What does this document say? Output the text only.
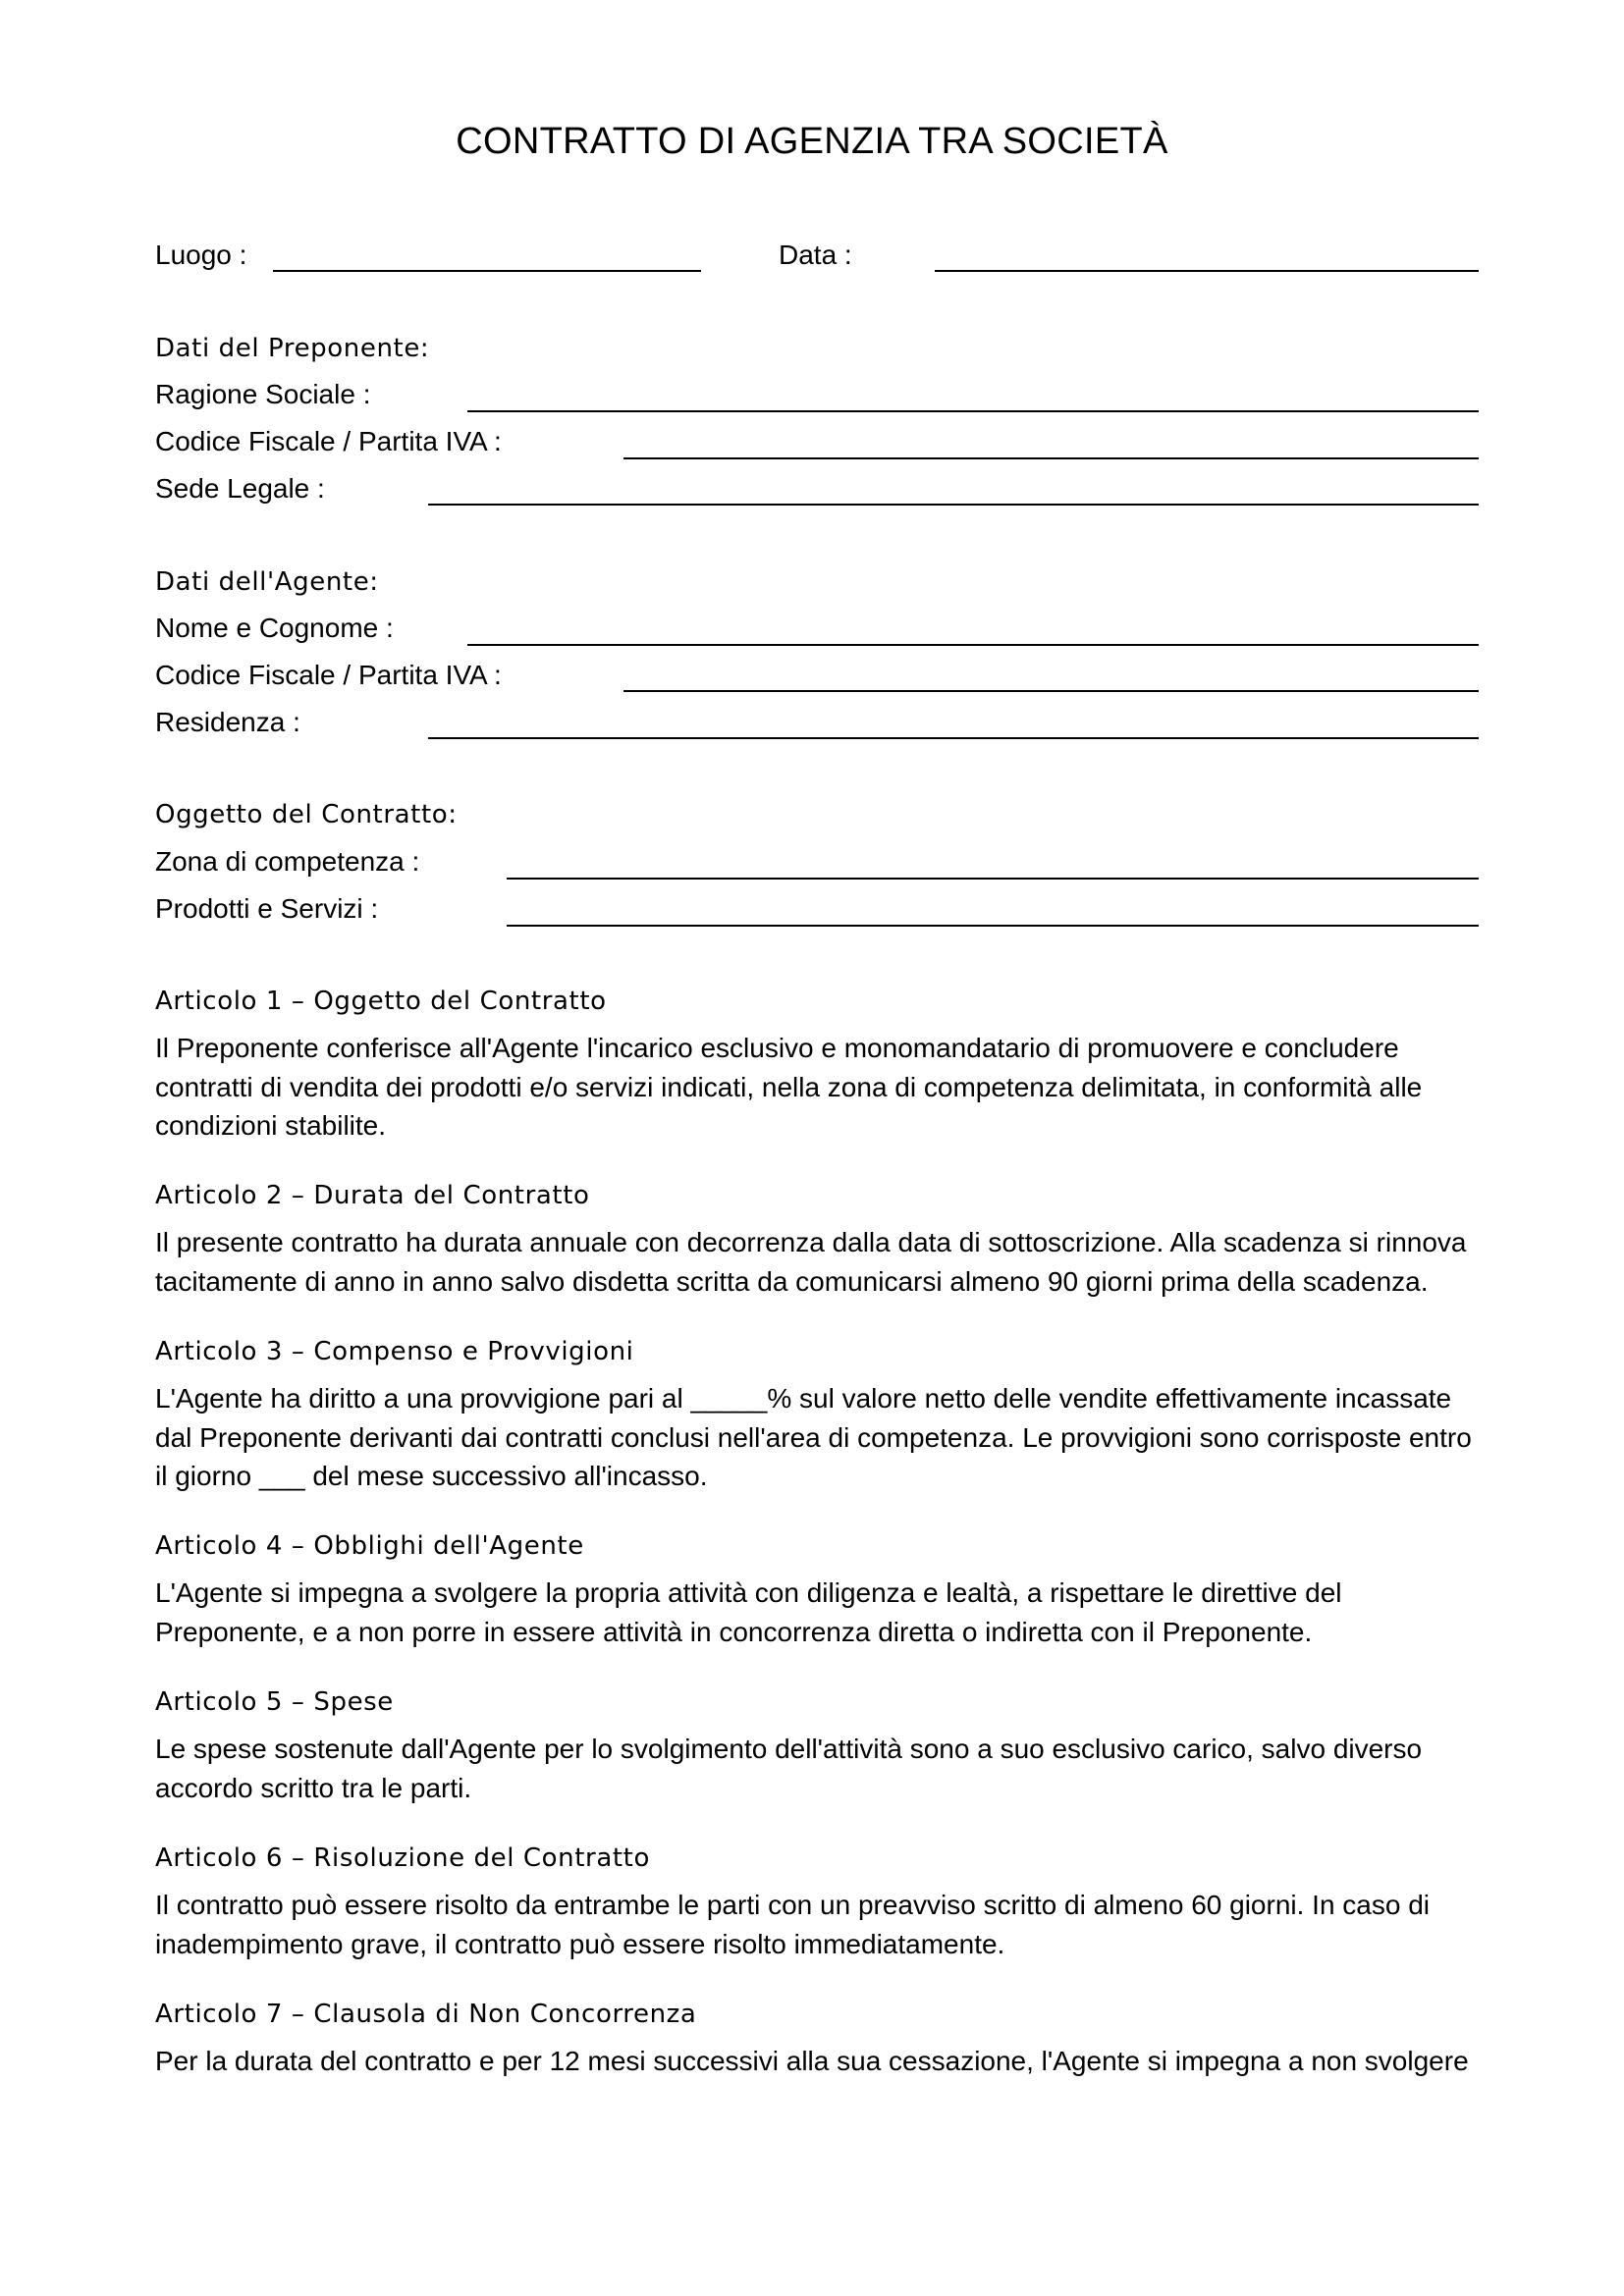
CONTRATTO DI AGENZIA TRA SOCIETÀ
Luogo :	Data :
Dati del Preponente:
Ragione Sociale :
Codice Fiscale / Partita IVA :
Sede Legale :
Dati dell'Agente:
Nome e Cognome :
Codice Fiscale / Partita IVA :
Residenza :
Oggetto del Contratto:
Zona di competenza :
Prodotti e Servizi :
Articolo 1 – Oggetto del Contratto

Il Preponente conferisce all'Agente l'incarico esclusivo e monomandatario di promuovere e concludere contratti di vendita dei prodotti e/o servizi indicati, nella zona di competenza delimitata, in conformità alle condizioni stabilite.

Articolo 2 – Durata del Contratto

Il presente contratto ha durata annuale con decorrenza dalla data di sottoscrizione. Alla scadenza si rinnova tacitamente di anno in anno salvo disdetta scritta da comunicarsi almeno 90 giorni prima della scadenza.

Articolo 3 – Compenso e Provvigioni

L'Agente ha diritto a una provvigione pari al _____% sul valore netto delle vendite effettivamente incassate dal Preponente derivanti dai contratti conclusi nell'area di competenza. Le provvigioni sono corrisposte entro il giorno ___ del mese successivo all'incasso.

Articolo 4 – Obblighi dell'Agente

L'Agente si impegna a svolgere la propria attività con diligenza e lealtà, a rispettare le direttive del Preponente, e a non porre in essere attività in concorrenza diretta o indiretta con il Preponente.

Articolo 5 – Spese

Le spese sostenute dall'Agente per lo svolgimento dell'attività sono a suo esclusivo carico, salvo diverso accordo scritto tra le parti.

Articolo 6 – Risoluzione del Contratto

Il contratto può essere risolto da entrambe le parti con un preavviso scritto di almeno 60 giorni. In caso di inadempimento grave, il contratto può essere risolto immediatamente.

Articolo 7 – Clausola di Non Concorrenza

Per la durata del contratto e per 12 mesi successivi alla sua cessazione, l'Agente si impegna a non svolgere
